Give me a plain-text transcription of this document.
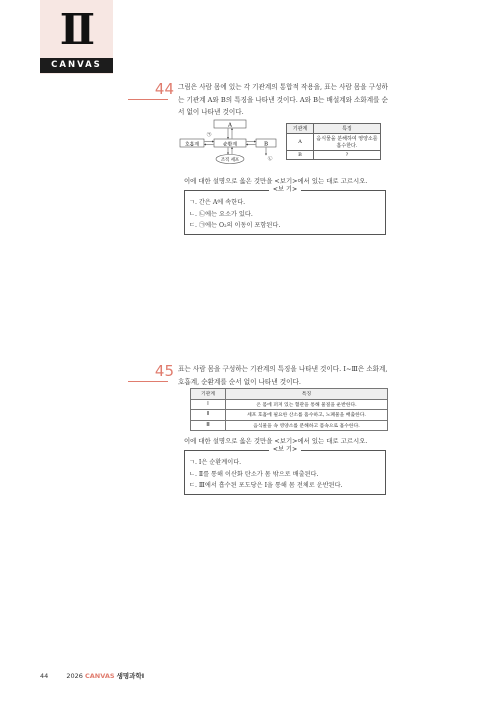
Ⅱ
CANVAS
44 그림은 사람 몸에 있는 각 기관계의 통합적 작용을, 표는 사람 몸을 구성하는 기관계 A와 B의 특징을 나타낸 것이다. A와 B는 배설계와 소화계를 순서 없이 나타낸 것이다.

A
호흡계	순환계	B
㉠
㉡
조직 세포
기관계	특징
A	음식물을 분해하여 영양소를 흡수한다.
B	?
이에 대한 설명으로 옳은 것만을 <보기>에서 있는 대로 고르시오.
<보 기>
ㄱ. 간은 A에 속한다.
ㄴ. ㉡에는 요소가 있다.
ㄷ. ㉠에는 O₂의 이동이 포함된다.
45 표는 사람 몸을 구성하는 기관계의 특징을 나타낸 것이다. Ⅰ~Ⅲ은 소화계, 호흡계, 순환계를 순서 없이 나타낸 것이다.

기관계	특징
Ⅰ	온 몸에 퍼져 있는 혈관을 통해 물질을 운반한다.
Ⅱ	세포 호흡에 필요한 산소를 흡수하고, 노폐물을 배출한다.
Ⅲ	음식물을 속 영양소를 분해하고 몸속으로 흡수한다.
이에 대한 설명으로 옳은 것만을 <보기>에서 있는 대로 고르시오.
<보 기>
ㄱ. Ⅰ은 순환계이다.
ㄴ. Ⅱ를 통해 이산화 탄소가 몸 밖으로 배출된다.
ㄷ. Ⅲ에서 흡수된 포도당은 Ⅰ을 통해 몸 전체로 운반된다.
44	2026 CANVAS 생명과학Ⅰ
